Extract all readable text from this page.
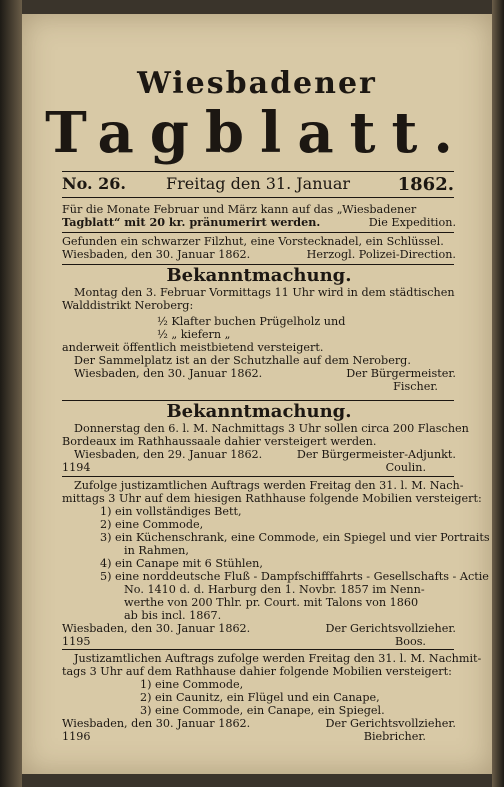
Wiesbadener
Tagblatt.
No. 26.	Freitag den 31. Januar	1862.
Für die Monate Februar und März kann auf das „Wiesbadener
Tagblatt“ mit 20 kr. pränumerirt werden.	Die Expedition.
Gefunden ein schwarzer Filzhut, eine Vorstecknadel, ein Schlüssel.
Wiesbaden, den 30. Januar 1862.	Herzogl. Polizei-Direction.
Bekanntmachung.
Montag den 3. Februar Vormittags 11 Uhr wird in dem städtischen
Walddistrikt Neroberg:
½ Klafter buchen Prügelholz und
½ „ kiefern „
anderweit öffentlich meistbietend versteigert.
Der Sammelplatz ist an der Schutzhalle auf dem Neroberg.
Wiesbaden, den 30. Januar 1862.	Der Bürgermeister.
Fischer.
Bekanntmachung.
Donnerstag den 6. l. M. Nachmittags 3 Uhr sollen circa 200 Flaschen
Bordeaux im Rathhaussaale dahier versteigert werden.
Wiesbaden, den 29. Januar 1862.	Der Bürgermeister-Adjunkt.
1194	Coulin.
Zufolge justizamtlichen Auftrags werden Freitag den 31. l. M. Nach-
mittags 3 Uhr auf dem hiesigen Rathhause folgende Mobilien versteigert:
1) ein vollständiges Bett,
2) eine Commode,
3) ein Küchenschrank, eine Commode, ein Spiegel und vier Portraits
in Rahmen,
4) ein Canape mit 6 Stühlen,
5) eine norddeutsche Fluß - Dampfschifffahrts - Gesellschafts - Actie
No. 1410 d. d. Harburg den 1. Novbr. 1857 im Nenn-
werthe von 200 Thlr. pr. Court. mit Talons von 1860
ab bis incl. 1867.
Wiesbaden, den 30. Januar 1862.	Der Gerichtsvollzieher.
1195	Boos.
Justizamtlichen Auftrags zufolge werden Freitag den 31. l. M. Nachmit-
tags 3 Uhr auf dem Rathhause dahier folgende Mobilien versteigert:
1) eine Commode,
2) ein Caunitz, ein Flügel und ein Canape,
3) eine Commode, ein Canape, ein Spiegel.
Wiesbaden, den 30. Januar 1862.	Der Gerichtsvollzieher.
1196	Biebricher.
